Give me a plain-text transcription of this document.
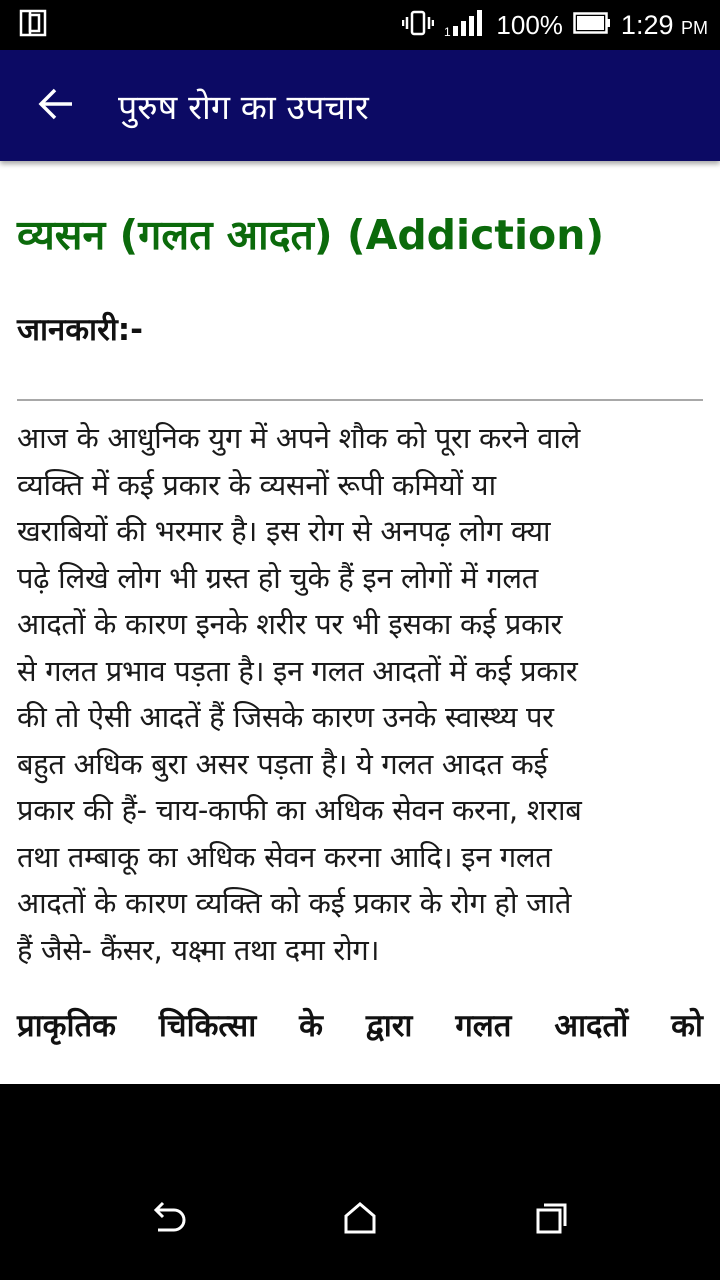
1 100% 1:29 PM
पुरुष रोग का उपचार
व्यसन (गलत आदत) (Addiction)
जानकारी:-

आज के आधुनिक युग में अपने शौक को पूरा करने वाले

व्यक्ति में कई प्रकार के व्यसनों रूपी कमियों या

खराबियों की भरमार है। इस रोग से अनपढ़ लोग क्या

पढ़े लिखे लोग भी ग्रस्त हो चुके हैं इन लोगों में गलत

आदतों के कारण इनके शरीर पर भी इसका कई प्रकार

से गलत प्रभाव पड़ता है। इन गलत आदतों में कई प्रकार

की तो ऐसी आदतें हैं जिसके कारण उनके स्वास्थ्य पर

बहुत अधिक बुरा असर पड़ता है। ये गलत आदत कई

प्रकार की हैं- चाय-काफी का अधिक सेवन करना, शराब

तथा तम्बाकू का अधिक सेवन करना आदि। इन गलत

आदतों के कारण व्यक्ति को कई प्रकार के रोग हो जाते

हैं जैसे- कैंसर, यक्ष्मा तथा दमा रोग।

प्राकृतिक चिकित्सा के द्वारा गलत आदतों को
